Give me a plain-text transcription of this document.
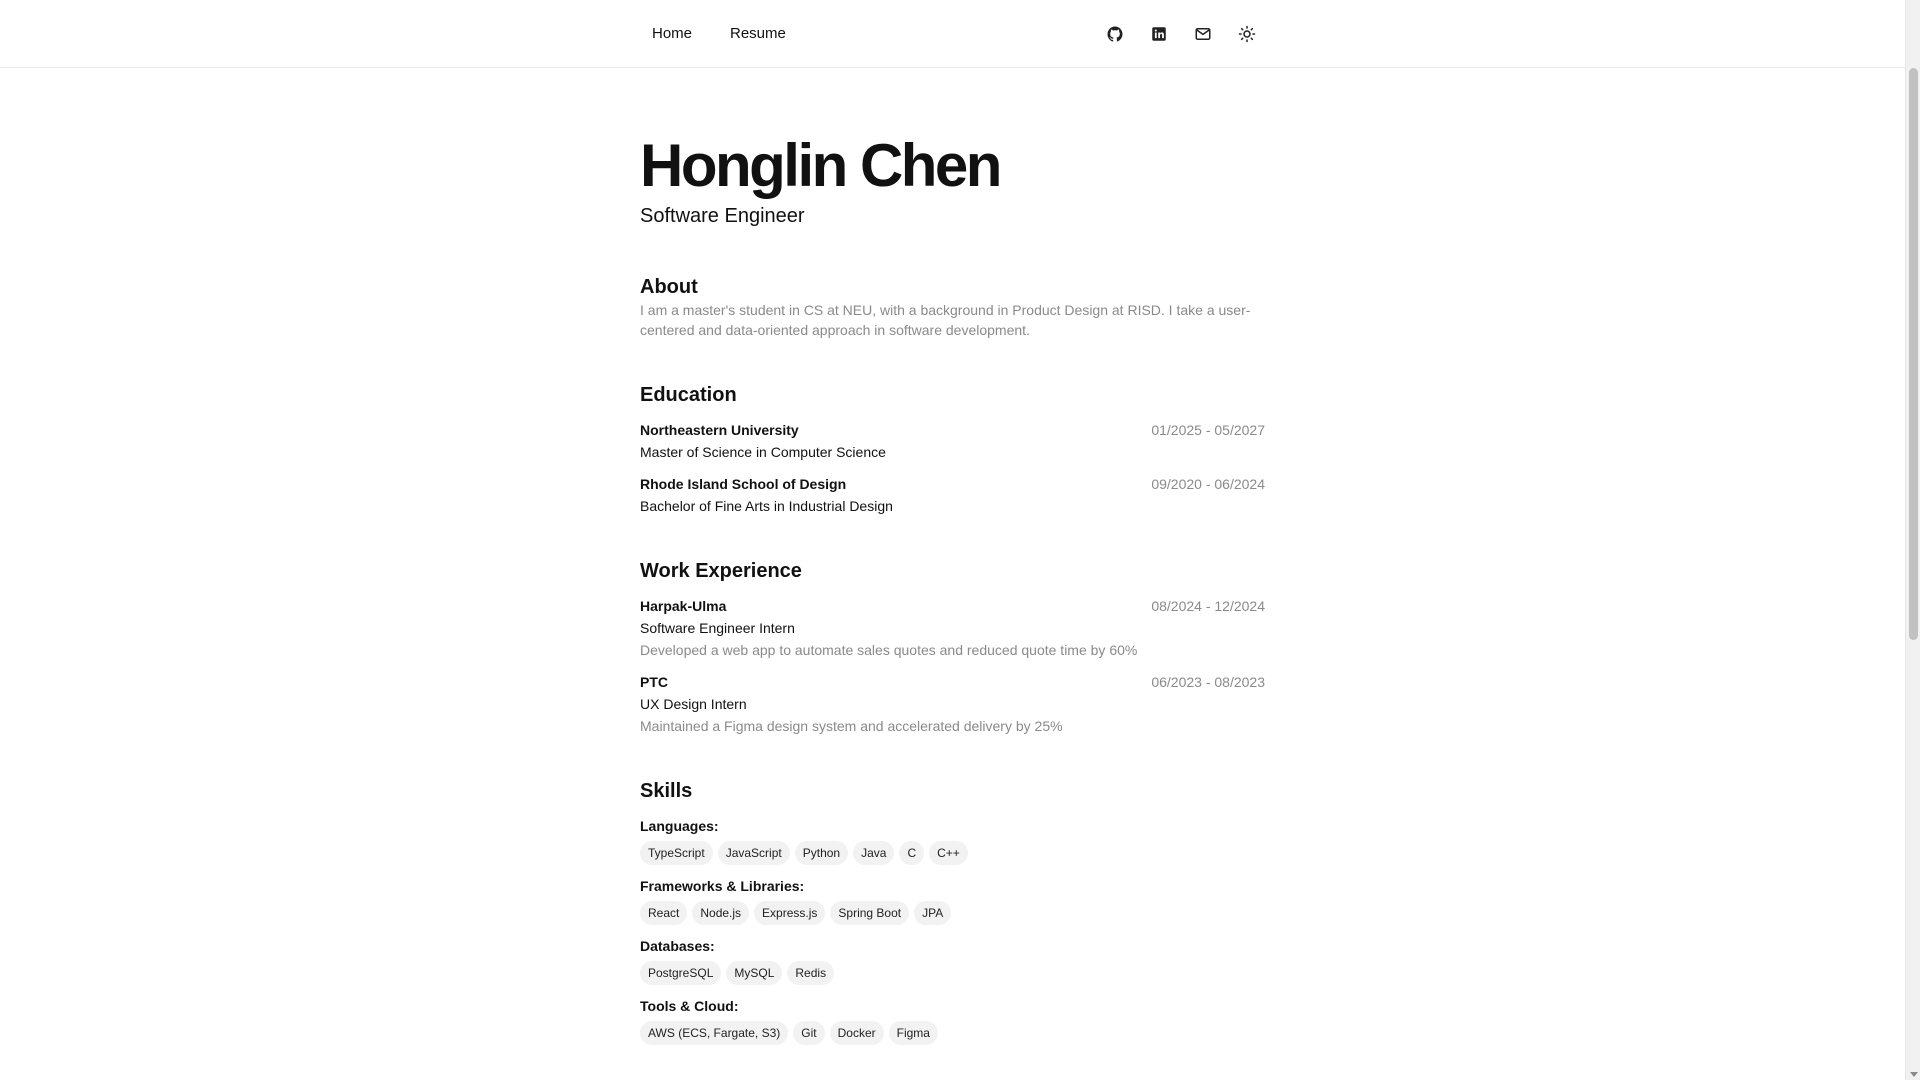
Home	Resume
Honglin Chen
Software Engineer
About

I am a master's student in CS at NEU, with a background in Product Design at RISD. I take a user-centered and data-oriented approach in software development.

Education
Northeastern University	01/2025 - 05/2027
Master of Science in Computer Science
Rhode Island School of Design	09/2020 - 06/2024
Bachelor of Fine Arts in Industrial Design
Work Experience
Harpak-Ulma	08/2024 - 12/2024
Software Engineer Intern
Developed a web app to automate sales quotes and reduced quote time by 60%
PTC	06/2023 - 08/2023
UX Design Intern
Maintained a Figma design system and accelerated delivery by 25%
Skills
Languages:
TypeScript	JavaScript	Python	Java	C	C++
Frameworks & Libraries:
React	Node.js	Express.js	Spring Boot	JPA
Databases:
PostgreSQL	MySQL	Redis
Tools & Cloud:
AWS (ECS, Fargate, S3)	Git	Docker	Figma
